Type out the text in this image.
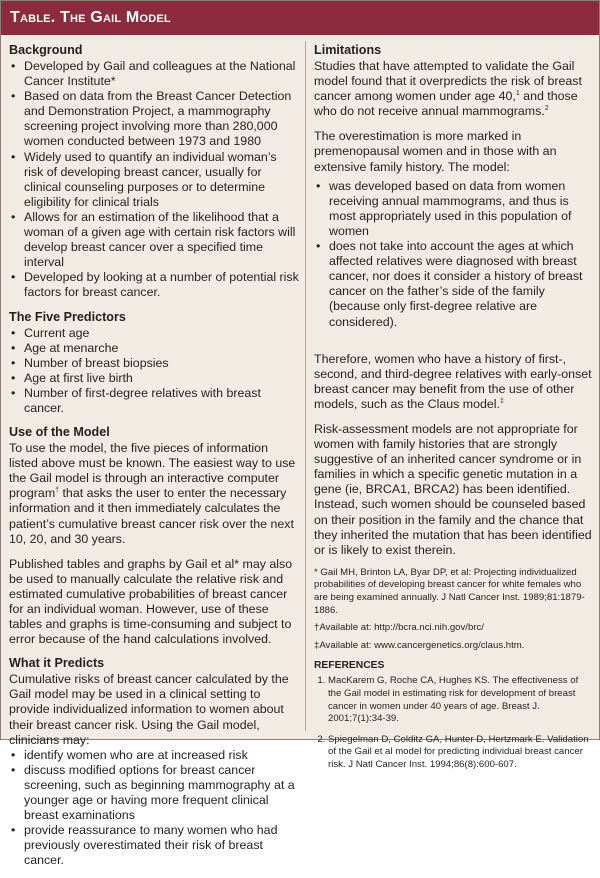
Table. The Gail Model
Background
• Developed by Gail and colleagues at the National Cancer Institute*
• Based on data from the Breast Cancer Detection and Demonstration Project, a mammography screening project involving more than 280,000 women conducted between 1973 and 1980
• Widely used to quantify an individual woman’s risk of developing breast cancer, usually for clinical counseling purposes or to determine eligibility for clinical trials
• Allows for an estimation of the likelihood that a woman of a given age with certain risk factors will develop breast cancer over a specified time interval
• Developed by looking at a number of potential risk factors for breast cancer.
The Five Predictors
• Current age
• Age at menarche
• Number of breast biopsies
• Age at first live birth
• Number of first-degree relatives with breast cancer.
Use of the Model

To use the model, the five pieces of information listed above must be known. The easiest way to use the Gail model is through an interactive computer program† that asks the user to enter the necessary information and it then immediately calculates the patient’s cumulative breast cancer risk over the next 10, 20, and 30 years.

Published tables and graphs by Gail et al* may also be used to manually calculate the relative risk and estimated cumulative probabilities of breast cancer for an individual woman. However, use of these tables and graphs is time-consuming and subject to error because of the hand calculations involved.

What it Predicts

Cumulative risks of breast cancer calculated by the Gail model may be used in a clinical setting to provide individualized information to women about their breast cancer risk. Using the Gail model, clinicians may:

• identify women who are at increased risk
• discuss modified options for breast cancer screening, such as beginning mammography at a younger age or having more frequent clinical breast examinations
• provide reassurance to many women who had previously overestimated their risk of breast cancer.
Limitations

Studies that have attempted to validate the Gail model found that it overpredicts the risk of breast cancer among women under age 40,$^1$ and those who do not receive annual mammograms.$^2$

The overestimation is more marked in premenopausal women and in those with an extensive family history. The model:

• was developed based on data from women receiving annual mammograms, and thus is most appropriately used in this population of women
• does not take into account the ages at which affected relatives were diagnosed with breast cancer, nor does it consider a history of breast cancer on the father’s side of the family (because only first-degree relative are considered).

Therefore, women who have a history of first-, second, and third-degree relatives with early-onset breast cancer may benefit from the use of other models, such as the Claus model.‡

Risk-assessment models are not appropriate for women with family histories that are strongly suggestive of an inherited cancer syndrome or in families in which a specific genetic mutation in a gene (ie, BRCA1, BRCA2) has been identified. Instead, such women should be counseled based on their position in the family and the chance that they inherited the mutation that has been identified or is likely to exist therein.

* Gail MH, Brinton LA, Byar DP, et al: Projecting individualized probabilities of developing breast cancer for white females who are being examined annually. J Natl Cancer Inst. 1989;81:1879-1886.

†Available at: http://bcra.nci.nih.gov/brc/

‡Available at: www.cancergenetics.org/claus.htm.

REFERENCES
1. MacKarem G, Roche CA, Hughes KS. The effectiveness of the Gail model in estimating risk for development of breast cancer in women under 40 years of age. Breast J. 2001;7(1):34-39.
2. Spiegelman D, Colditz GA, Hunter D, Hertzmark E. Validation of the Gail et al model for predicting individual breast cancer risk. J Natl Cancer Inst. 1994;86(8):600-607.
